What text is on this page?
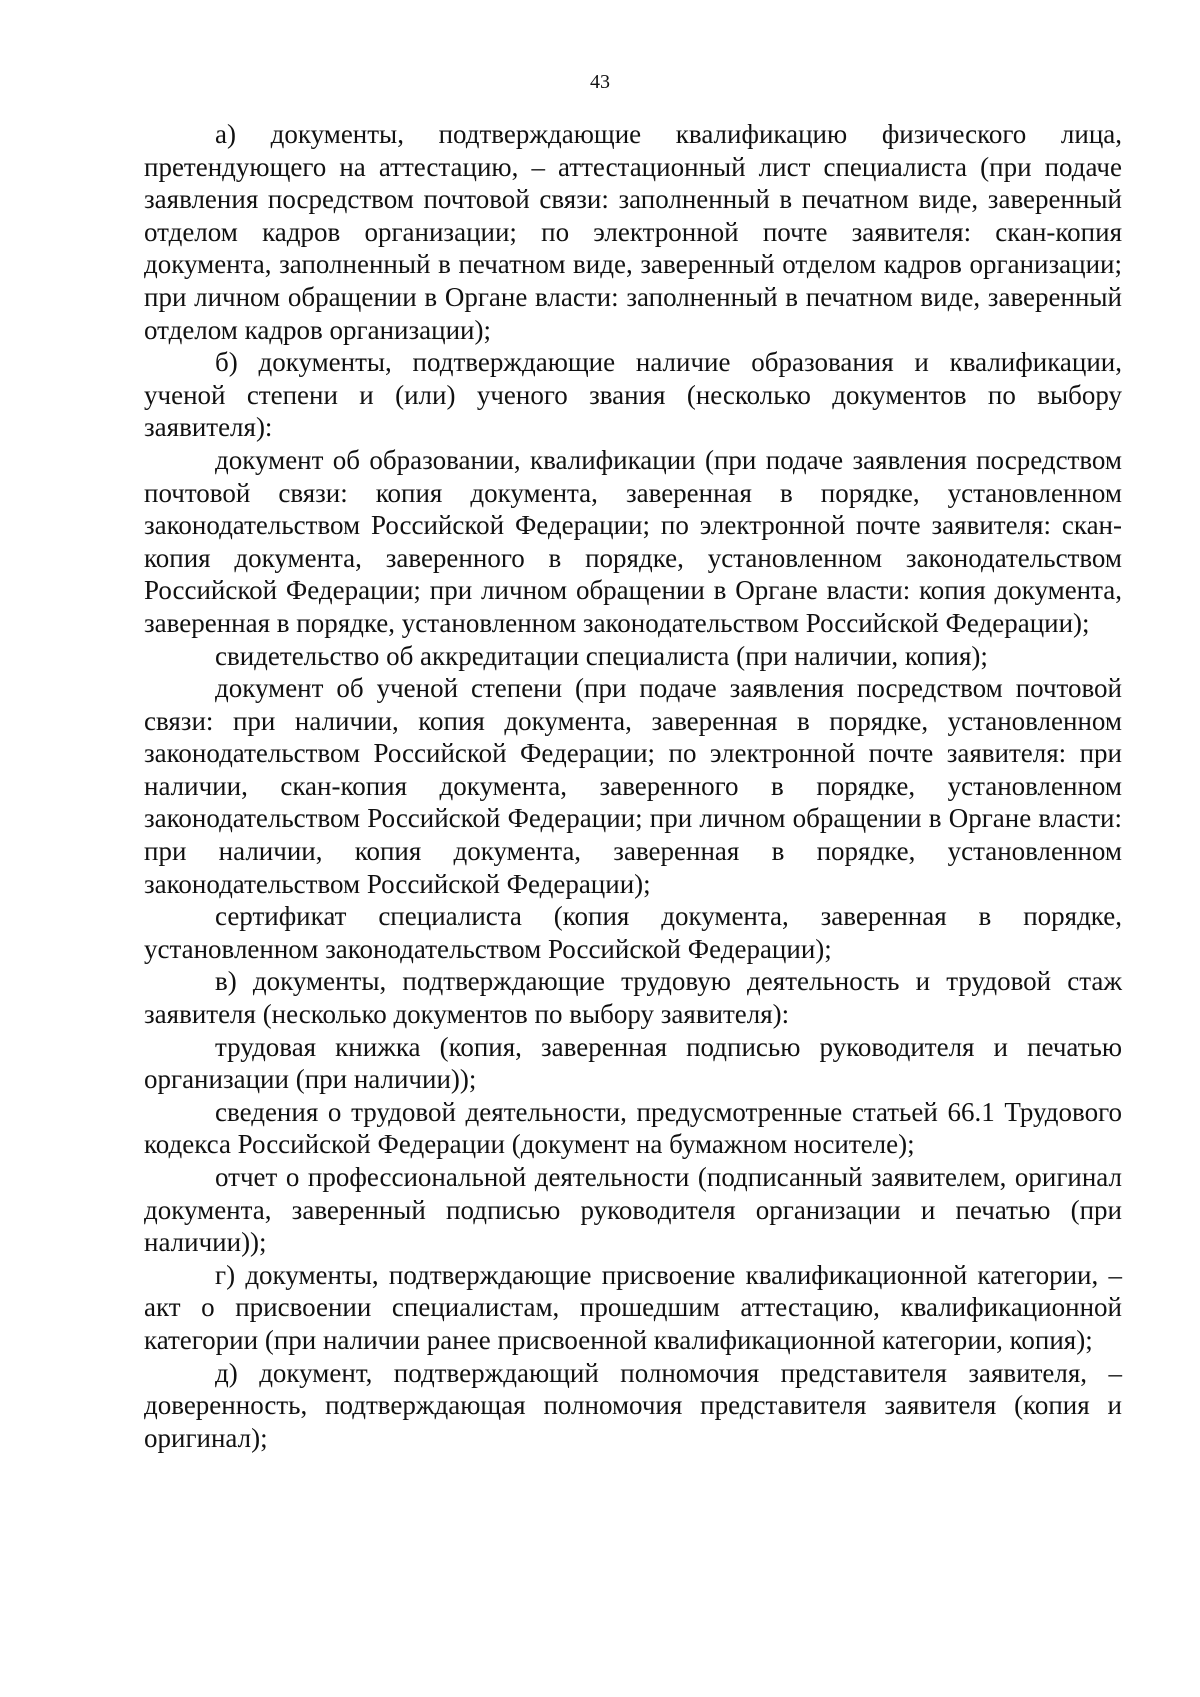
43

а) документы, подтверждающие квалификацию физического лица, претендующего на аттестацию, – аттестационный лист специалиста (при подаче заявления посредством почтовой связи: заполненный в печатном виде, заверенный отделом кадров организации; по электронной почте заявителя: скан-копия документа, заполненный в печатном виде, заверенный отделом кадров организации; при личном обращении в Органе власти: заполненный в печатном виде, заверенный отделом кадров организации);

б) документы, подтверждающие наличие образования и квалификации, ученой степени и (или) ученого звания (несколько документов по выбору заявителя):

документ об образовании, квалификации (при подаче заявления посредством почтовой связи: копия документа, заверенная в порядке, установленном законодательством Российской Федерации; по электронной почте заявителя: скан-копия документа, заверенного в порядке, установленном законодательством Российской Федерации; при личном обращении в Органе власти: копия документа, заверенная в порядке, установленном законодательством Российской Федерации);

свидетельство об аккредитации специалиста (при наличии, копия);

документ об ученой степени (при подаче заявления посредством почтовой связи: при наличии, копия документа, заверенная в порядке, установленном законодательством Российской Федерации; по электронной почте заявителя: при наличии, скан-копия документа, заверенного в порядке, установленном законодательством Российской Федерации; при личном обращении в Органе власти: при наличии, копия документа, заверенная в порядке, установленном законодательством Российской Федерации);

сертификат специалиста (копия документа, заверенная в порядке, установленном законодательством Российской Федерации);

в) документы, подтверждающие трудовую деятельность и трудовой стаж заявителя (несколько документов по выбору заявителя):

трудовая книжка (копия, заверенная подписью руководителя и печатью организации (при наличии));

сведения о трудовой деятельности, предусмотренные статьей 66.1 Трудового кодекса Российской Федерации (документ на бумажном носителе);

отчет о профессиональной деятельности (подписанный заявителем, оригинал документа, заверенный подписью руководителя организации и печатью (при наличии));

г) документы, подтверждающие присвоение квалификационной категории, – акт о присвоении специалистам, прошедшим аттестацию, квалификационной категории (при наличии ранее присвоенной квалификационной категории, копия);

д) документ, подтверждающий полномочия представителя заявителя, – доверенность, подтверждающая полномочия представителя заявителя (копия и оригинал);
